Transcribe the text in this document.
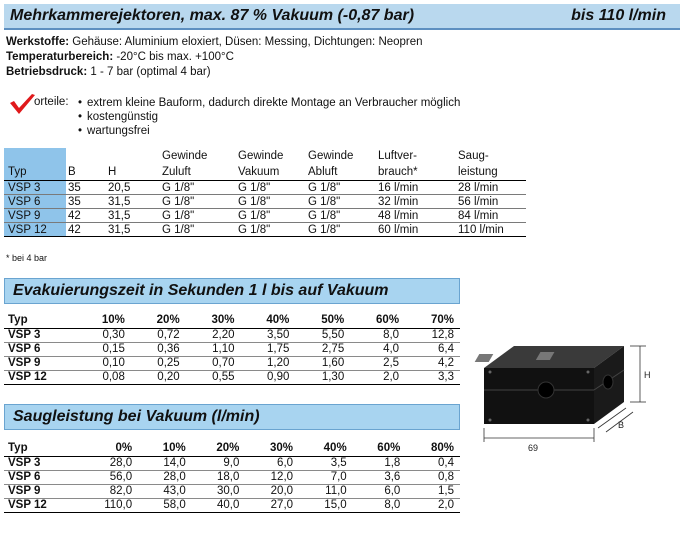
Mehrkammerejektoren, max. 87 % Vakuum (-0,87 bar)	bis 110 l/min
Werkstoffe: Gehäuse: Aluminium eloxiert, Düsen: Messing, Dichtungen: Neopren
Temperaturbereich: -20°C bis max. +100°C
Betriebsdruck: 1 - 7 bar (optimal 4 bar)
orteile:	• extrem kleine Bauform, dadurch direkte Montage an Verbraucher möglich
• kostengünstig
• wartungsfrei
			Gewinde	Gewinde	Gewinde	Luftver-	Saug-
Typ	B	H	Zuluft	Vakuum	Abluft	brauch*	leistung
VSP 3	35	20,5	G 1/8"	G 1/8"	G 1/8"	16 l/min	28 l/min
VSP 6	35	31,5	G 1/8"	G 1/8"	G 1/8"	32 l/min	56 l/min
VSP 9	42	31,5	G 1/8"	G 1/8"	G 1/8"	48 l/min	84 l/min
VSP 12	42	31,5	G 1/8"	G 1/8"	G 1/8"	60 l/min	110 l/min
* bei 4 bar
Evakuierungszeit in Sekunden 1 l bis auf Vakuum
Typ	10%	20%	30%	40%	50%	60%	70%
VSP 3	0,30	0,72	2,20	3,50	5,50	8,0	12,8
VSP 6	0,15	0,36	1,10	1,75	2,75	4,0	6,4
VSP 9	0,10	0,25	0,70	1,20	1,60	2,5	4,2
VSP 12	0,08	0,20	0,55	0,90	1,30	2,0	3,3
Saugleistung bei Vakuum (l/min)
Typ	0%	10%	20%	30%	40%	60%	80%
VSP 3	28,0	14,0	9,0	6,0	3,5	1,8	0,4
VSP 6	56,0	28,0	18,0	12,0	7,0	3,6	0,8
VSP 9	82,0	43,0	30,0	20,0	11,0	6,0	1,5
VSP 12	110,0	58,0	40,0	27,0	15,0	8,0	2,0
69
H
B
